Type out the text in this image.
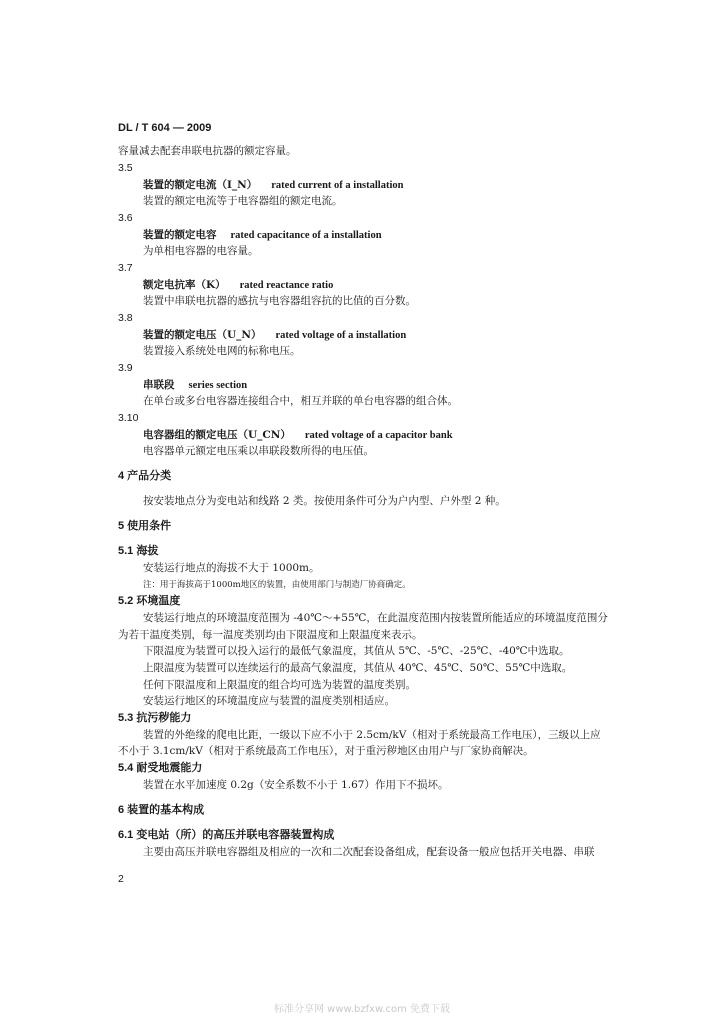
DL / T 604 — 2009
容量减去配套串联电抗器的额定容量。
3.5
装置的额定电流（I_N） rated current of a installation
装置的额定电流等于电容器组的额定电流。
3.6
装置的额定电容 rated capacitance of a installation
为单相电容器的电容量。
3.7
额定电抗率（K） rated reactance ratio
装置中串联电抗器的感抗与电容器组容抗的比值的百分数。
3.8
装置的额定电压（U_N） rated voltage of a installation
装置接入系统处电网的标称电压。
3.9
串联段 series section
在单台或多台电容器连接组合中，相互并联的单台电容器的组合体。
3.10
电容器组的额定电压（U_CN） rated voltage of a capacitor bank
电容器单元额定电压乘以串联段数所得的电压值。
4 产品分类
按安装地点分为变电站和线路 2 类。按使用条件可分为户内型、户外型 2 种。
5 使用条件
5.1 海拔
安装运行地点的海拔不大于 1000m。
注：用于海拔高于1000m地区的装置，由使用部门与制造厂协商确定。
5.2 环境温度
安装运行地点的环境温度范围为 -40℃～+55℃，在此温度范围内按装置所能适应的环境温度范围分
为若干温度类别，每一温度类别均由下限温度和上限温度来表示。
下限温度为装置可以投入运行的最低气象温度，其值从 5℃、-5℃、-25℃、-40℃中选取。
上限温度为装置可以连续运行的最高气象温度，其值从 40℃、45℃、50℃、55℃中选取。
任何下限温度和上限温度的组合均可选为装置的温度类别。
安装运行地区的环境温度应与装置的温度类别相适应。
5.3 抗污秽能力
装置的外绝缘的爬电比距，一级以下应不小于 2.5cm/kV（相对于系统最高工作电压），三级以上应
不小于 3.1cm/kV（相对于系统最高工作电压），对于重污秽地区由用户与厂家协商解决。
5.4 耐受地震能力
装置在水平加速度 0.2g（安全系数不小于 1.67）作用下不损坏。
6 装置的基本构成
6.1 变电站（所）的高压并联电容器装置构成
主要由高压并联电容器组及相应的一次和二次配套设备组成，配套设备一般应包括开关电器、串联
2
标准分享网 www.bzfxw.com 免费下载
